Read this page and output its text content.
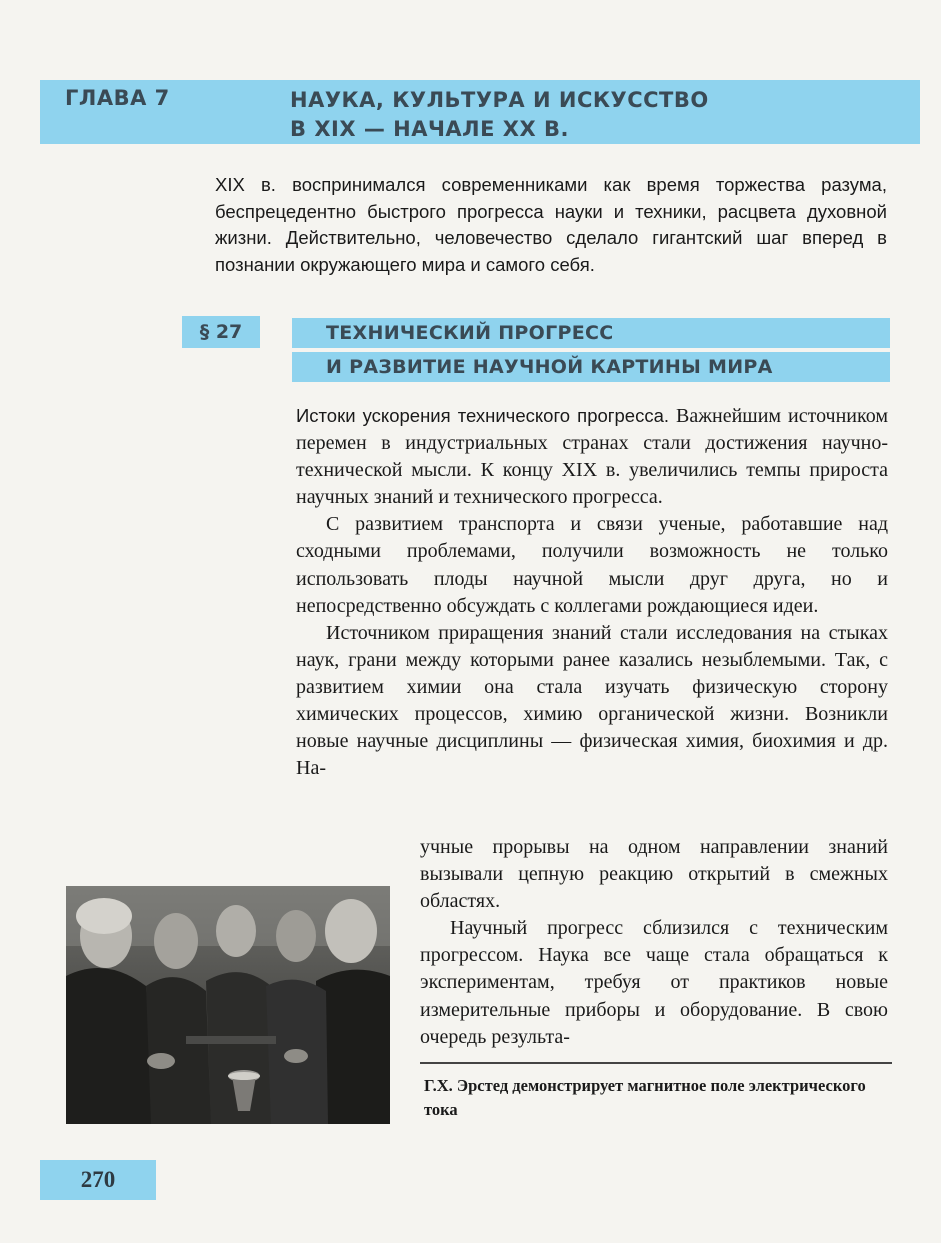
ГЛАВА 7	НАУКА, КУЛЬТУРА И ИСКУССТВО
В XIX — НАЧАЛЕ XX В.
XIX в. воспринимался современниками как время торжества разума, беспрецедентно быстрого прогресса науки и техники, расцвета духовной жизни. Действительно, человечество сделало гигантский шаг вперед в познании окружающего мира и самого себя.
§ 27	ТЕХНИЧЕСКИЙ ПРОГРЕСС
И РАЗВИТИЕ НАУЧНОЙ КАРТИНЫ МИРА

Истоки ускорения технического прогресса. Важнейшим источником перемен в индустриальных странах стали достижения научно-технической мысли. К концу XIX в. увеличились темпы прироста научных знаний и технического прогресса.

С развитием транспорта и связи ученые, работавшие над сходными проблемами, получили возможность не только использовать плоды научной мысли друг друга, но и непосредственно обсуждать с коллегами рождающиеся идеи.

Источником приращения знаний стали исследования на стыках наук, грани между которыми ранее казались незыблемыми. Так, с развитием химии она стала изучать физическую сторону химических процессов, химию органической жизни. Возникли новые научные дисциплины — физическая химия, биохимия и др. На-

учные прорывы на одном направлении знаний вызывали цепную реакцию открытий в смежных областях.

Научный прогресс сблизился с техническим прогрессом. Наука все чаще стала обращаться к экспериментам, требуя от практиков новые измерительные приборы и оборудование. В свою очередь результа-

Г.Х. Эрстед демонстрирует магнитное поле электрического тока
270
